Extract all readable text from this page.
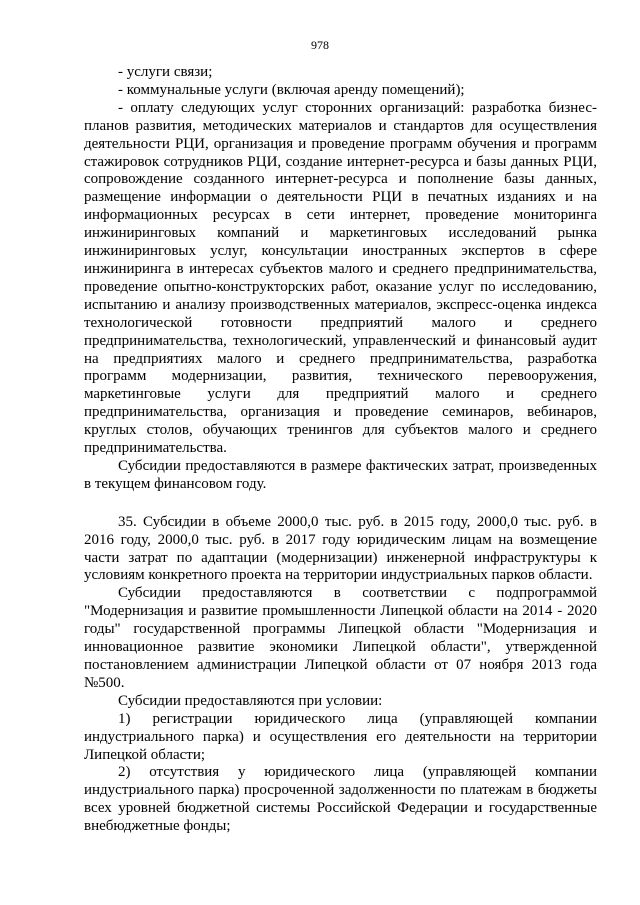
978

- услуги связи;

- коммунальные услуги (включая аренду помещений);

- оплату следующих услуг сторонних организаций: разработка бизнес-планов развития, методических материалов и стандартов для осуществления деятельности РЦИ, организация и проведение программ обучения и программ стажировок сотрудников РЦИ, создание интернет-ресурса и базы данных РЦИ, сопровождение созданного интернет-ресурса и пополнение базы данных, размещение информации о деятельности РЦИ в печатных изданиях и на информационных ресурсах в сети интернет, проведение мониторинга инжиниринговых компаний и маркетинговых исследований рынка инжиниринговых услуг, консультации иностранных экспертов в сфере инжиниринга в интересах субъектов малого и среднего предпринимательства, проведение опытно-конструкторских работ, оказание услуг по исследованию, испытанию и анализу производственных материалов, экспресс-оценка индекса технологической готовности предприятий малого и среднего предпринимательства, технологический, управленческий и финансовый аудит на предприятиях малого и среднего предпринимательства, разработка программ модернизации, развития, технического перевооружения, маркетинговые услуги для предприятий малого и среднего предпринимательства, организация и проведение семинаров, вебинаров, круглых столов, обучающих тренингов для субъектов малого и среднего предпринимательства.

Субсидии предоставляются в размере фактических затрат, произведенных в текущем финансовом году.

35. Субсидии в объеме 2000,0 тыс. руб. в 2015 году, 2000,0 тыс. руб. в 2016 году, 2000,0 тыс. руб. в 2017 году юридическим лицам на возмещение части затрат по адаптации (модернизации) инженерной инфраструктуры к условиям конкретного проекта на территории индустриальных парков области.

Субсидии предоставляются в соответствии с подпрограммой "Модернизация и развитие промышленности Липецкой области на 2014 - 2020 годы" государственной программы Липецкой области "Модернизация и инновационное развитие экономики Липецкой области", утвержденной постановлением администрации Липецкой области от 07 ноября 2013 года №500.

Субсидии предоставляются при условии:

1) регистрации юридического лица (управляющей компании индустриального парка) и осуществления его деятельности на территории Липецкой области;

2) отсутствия у юридического лица (управляющей компании индустриального парка) просроченной задолженности по платежам в бюджеты всех уровней бюджетной системы Российской Федерации и государственные внебюджетные фонды;
